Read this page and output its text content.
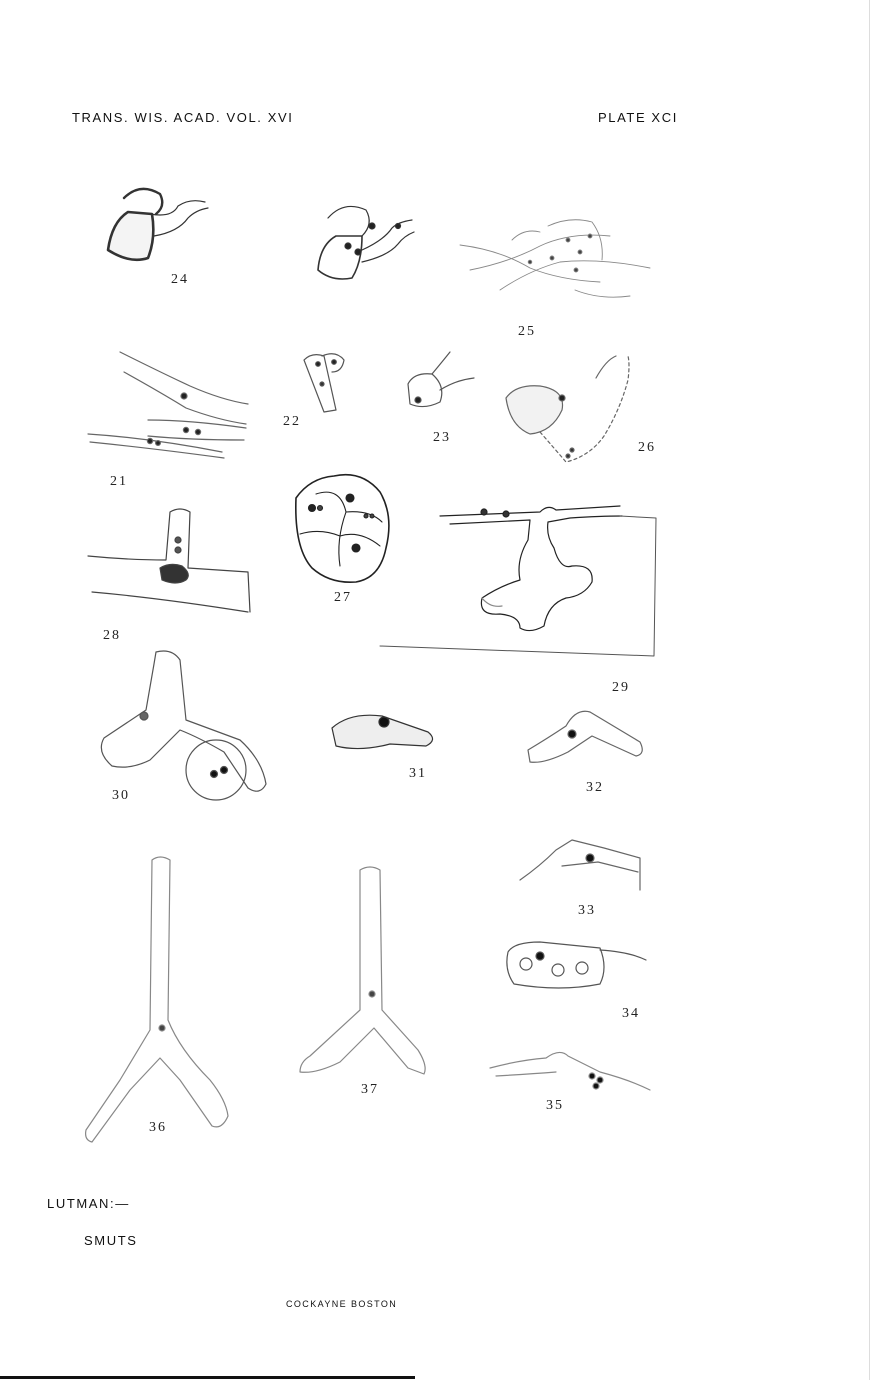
TRANS. WIS. ACAD. VOL. XVI	PLATE XCI
24
25
22
23
26
21
27
28
29
31
32
30
33
34
37
35
36
LUTMAN:—
SMUTS
COCKAYNE BOSTON
